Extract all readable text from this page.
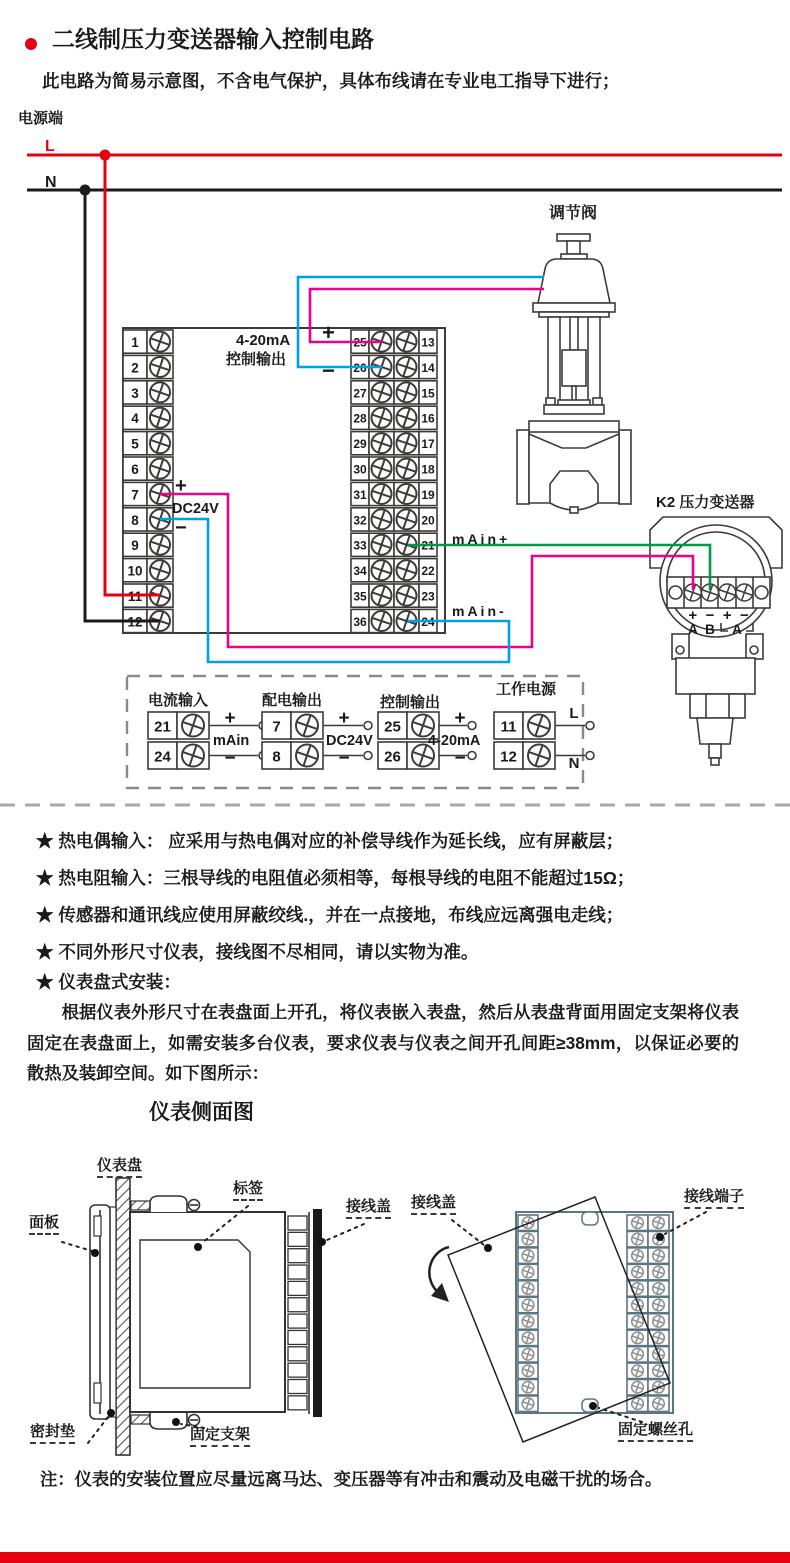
+ − + −
A B A
1	25	13
2	26	14
3	27	15
4	28	16
5	29	17
6	30	18
7	31	19
8	32	20
9	33	21
10	34	22
11	35	23
12	36	24
21
24
mAin
+
−
7
8
DC24V
+
−
25
26
4-20mA
+
−
11
12
L
N
二线制压力变送器输入控制电路
此电路为简易示意图，不含电气保护，具体布线请在专业电工指导下进行；
电源端
L
N
4-20mA
控制输出
+
−
+
DC24V
−	mAin+
mAin-
调节阀
K2 压力变送器
电流输入	配电输出	控制输出
工作电源
★ 热电偶输入： 应采用与热电偶对应的补偿导线作为延长线，应有屏蔽层；
★ 热电阻输入：三根导线的电阻值必须相等，每根导线的电阻不能超过15Ω；
★ 传感器和通讯线应使用屏蔽绞线.，并在一点接地，布线应远离强电走线；
★ 不同外形尺寸仪表，接线图不尽相同，请以实物为准。
★ 仪表盘式安装：
根据仪表外形尺寸在表盘面上开孔，将仪表嵌入表盘，然后从表盘背面用固定支架将仪表固定在表盘面上，如需安装多台仪表，要求仪表与仪表之间开孔间距≥38mm，以保证必要的散热及装卸空间。如下图所示：
仪表侧面图
仪表盘
面板
标签
接线盖
密封垫	固定支架
接线盖	接线端子
固定螺丝孔
注：仪表的安装位置应尽量远离马达、变压器等有冲击和震动及电磁干扰的场合。
